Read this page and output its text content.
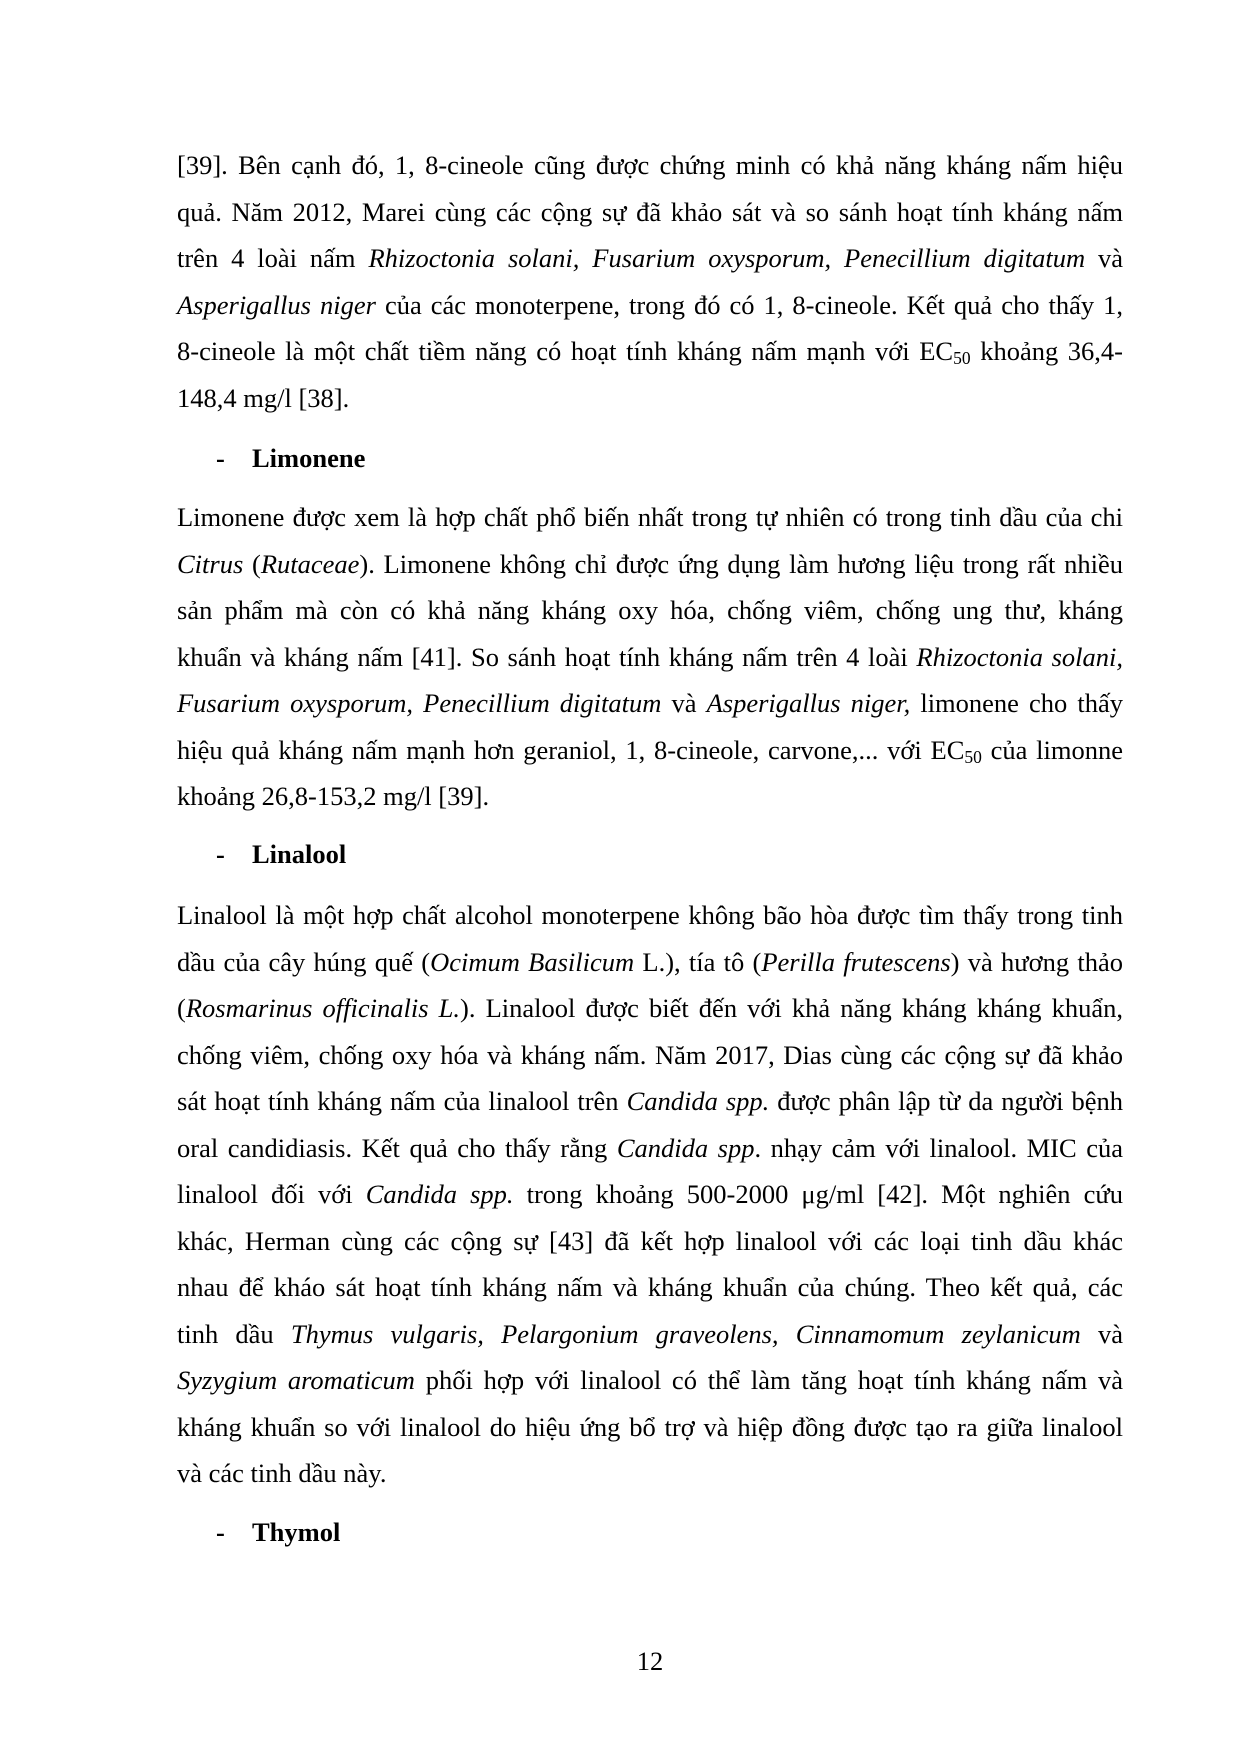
[39]. Bên cạnh đó, 1, 8-cineole cũng được chứng minh có khả năng kháng nấm hiệu
quả. Năm 2012, Marei cùng các cộng sự đã khảo sát và so sánh hoạt tính kháng nấm
trên 4 loài nấm Rhizoctonia solani, Fusarium oxysporum, Penecillium digitatum và
Asperigallus niger của các monoterpene, trong đó có 1, 8-cineole. Kết quả cho thấy 1,
8-cineole là một chất tiềm năng có hoạt tính kháng nấm mạnh với EC50 khoảng 36,4-
148,4 mg/l [38].
- Limonene
Limonene được xem là hợp chất phổ biến nhất trong tự nhiên có trong tinh dầu của chi
Citrus (Rutaceae). Limonene không chỉ được ứng dụng làm hương liệu trong rất nhiều
sản phẩm mà còn có khả năng kháng oxy hóa, chống viêm, chống ung thư, kháng
khuẩn và kháng nấm [41]. So sánh hoạt tính kháng nấm trên 4 loài Rhizoctonia solani,
Fusarium oxysporum, Penecillium digitatum và Asperigallus niger, limonene cho thấy
hiệu quả kháng nấm mạnh hơn geraniol, 1, 8-cineole, carvone,... với EC50 của limonne
khoảng 26,8-153,2 mg/l [39].
- Linalool
Linalool là một hợp chất alcohol monoterpene không bão hòa được tìm thấy trong tinh
dầu của cây húng quế (Ocimum Basilicum L.), tía tô (Perilla frutescens) và hương thảo
(Rosmarinus officinalis L.). Linalool được biết đến với khả năng kháng kháng khuẩn,
chống viêm, chống oxy hóa và kháng nấm. Năm 2017, Dias cùng các cộng sự đã khảo
sát hoạt tính kháng nấm của linalool trên Candida spp. được phân lập từ da người bệnh
oral candidiasis. Kết quả cho thấy rằng Candida spp. nhạy cảm với linalool. MIC của
linalool đối với Candida spp. trong khoảng 500-2000 μg/ml [42]. Một nghiên cứu
khác, Herman cùng các cộng sự [43] đã kết hợp linalool với các loại tinh dầu khác
nhau để kháo sát hoạt tính kháng nấm và kháng khuẩn của chúng. Theo kết quả, các
tinh dầu Thymus vulgaris, Pelargonium graveolens, Cinnamomum zeylanicum và
Syzygium aromaticum phối hợp với linalool có thể làm tăng hoạt tính kháng nấm và
kháng khuẩn so với linalool do hiệu ứng bổ trợ và hiệp đồng được tạo ra giữa linalool
và các tinh dầu này.
- Thymol
12
